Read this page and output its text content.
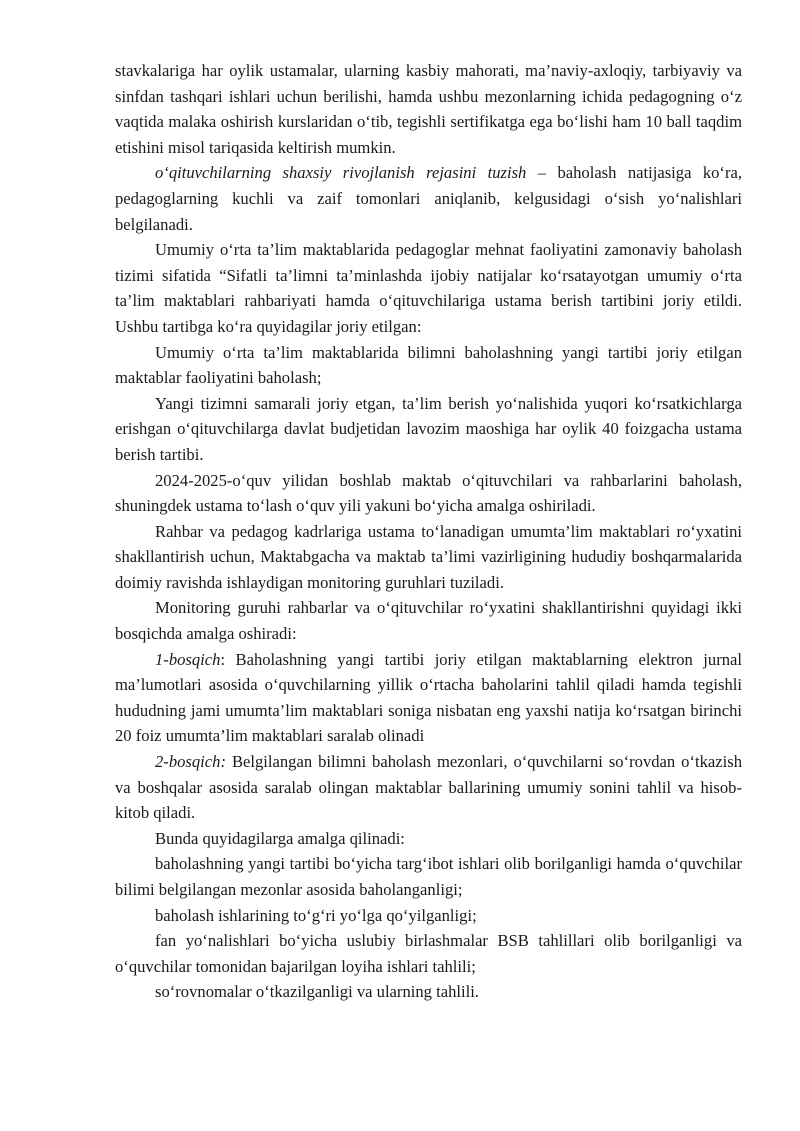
stavkalariga har oylik ustamalar, ularning kasbiy mahorati, ma’naviy-axloqiy, tarbiyaviy va sinfdan tashqari ishlari uchun berilishi, hamda ushbu mezonlarning ichida pedagogning o‘z vaqtida malaka oshirish kurslaridan o‘tib, tegishli sertifikatga ega bo‘lishi ham 10 ball taqdim etishini misol tariqasida keltirish mumkin.

o‘qituvchilarning shaxsiy rivojlanish rejasini tuzish – baholash natijasiga ko‘ra, pedagoglarning kuchli va zaif tomonlari aniqlanib, kelgusidagi o‘sish yo‘nalishlari belgilanadi.

Umumiy o‘rta ta’lim maktablarida pedagoglar mehnat faoliyatini zamonaviy baholash tizimi sifatida “Sifatli ta’limni ta’minlashda ijobiy natijalar ko‘rsatayotgan umumiy o‘rta ta’lim maktablari rahbariyati hamda o‘qituvchilariga ustama berish tartibini joriy etildi. Ushbu tartibga ko‘ra quyidagilar joriy etilgan:

Umumiy o‘rta ta’lim maktablarida bilimni baholashning yangi tartibi joriy etilgan maktablar faoliyatini baholash;

Yangi tizimni samarali joriy etgan, ta’lim berish yo‘nalishida yuqori ko‘rsatkichlarga erishgan o‘qituvchilarga davlat budjetidan lavozim maoshiga har oylik 40 foizgacha ustama berish tartibi.

2024-2025-o‘quv yilidan boshlab maktab o‘qituvchilari va rahbarlarini baholash, shuningdek ustama to‘lash o‘quv yili yakuni bo‘yicha amalga oshiriladi.

Rahbar va pedagog kadrlariga ustama to‘lanadigan umumta’lim maktablari ro‘yxatini shakllantirish uchun, Maktabgacha va maktab ta’limi vazirligining hududiy boshqarmalarida doimiy ravishda ishlaydigan monitoring guruhlari tuziladi.

Monitoring guruhi rahbarlar va o‘qituvchilar ro‘yxatini shakllantirishni quyidagi ikki bosqichda amalga oshiradi:

1-bosqich: Baholashning yangi tartibi joriy etilgan maktablarning elektron jurnal ma’lumotlari asosida o‘quvchilarning yillik o‘rtacha baholarini tahlil qiladi hamda tegishli hududning jami umumta’lim maktablari soniga nisbatan eng yaxshi natija ko‘rsatgan birinchi 20 foiz umumta’lim maktablari saralab olinadi

2-bosqich: Belgilangan bilimni baholash mezonlari, o‘quvchilarni so‘rovdan o‘tkazish va boshqalar asosida saralab olingan maktablar ballarining umumiy sonini tahlil va hisob-kitob qiladi.

Bunda quyidagilarga amalga qilinadi:

baholashning yangi tartibi bo‘yicha targ‘ibot ishlari olib borilganligi hamda o‘quvchilar bilimi belgilangan mezonlar asosida baholanganligi;

baholash ishlarining to‘g‘ri yo‘lga qo‘yilganligi;

fan yo‘nalishlari bo‘yicha uslubiy birlashmalar BSB tahlillari olib borilganligi va o‘quvchilar tomonidan bajarilgan loyiha ishlari tahlili;

so‘rovnomalar o‘tkazilganligi va ularning tahlili.
